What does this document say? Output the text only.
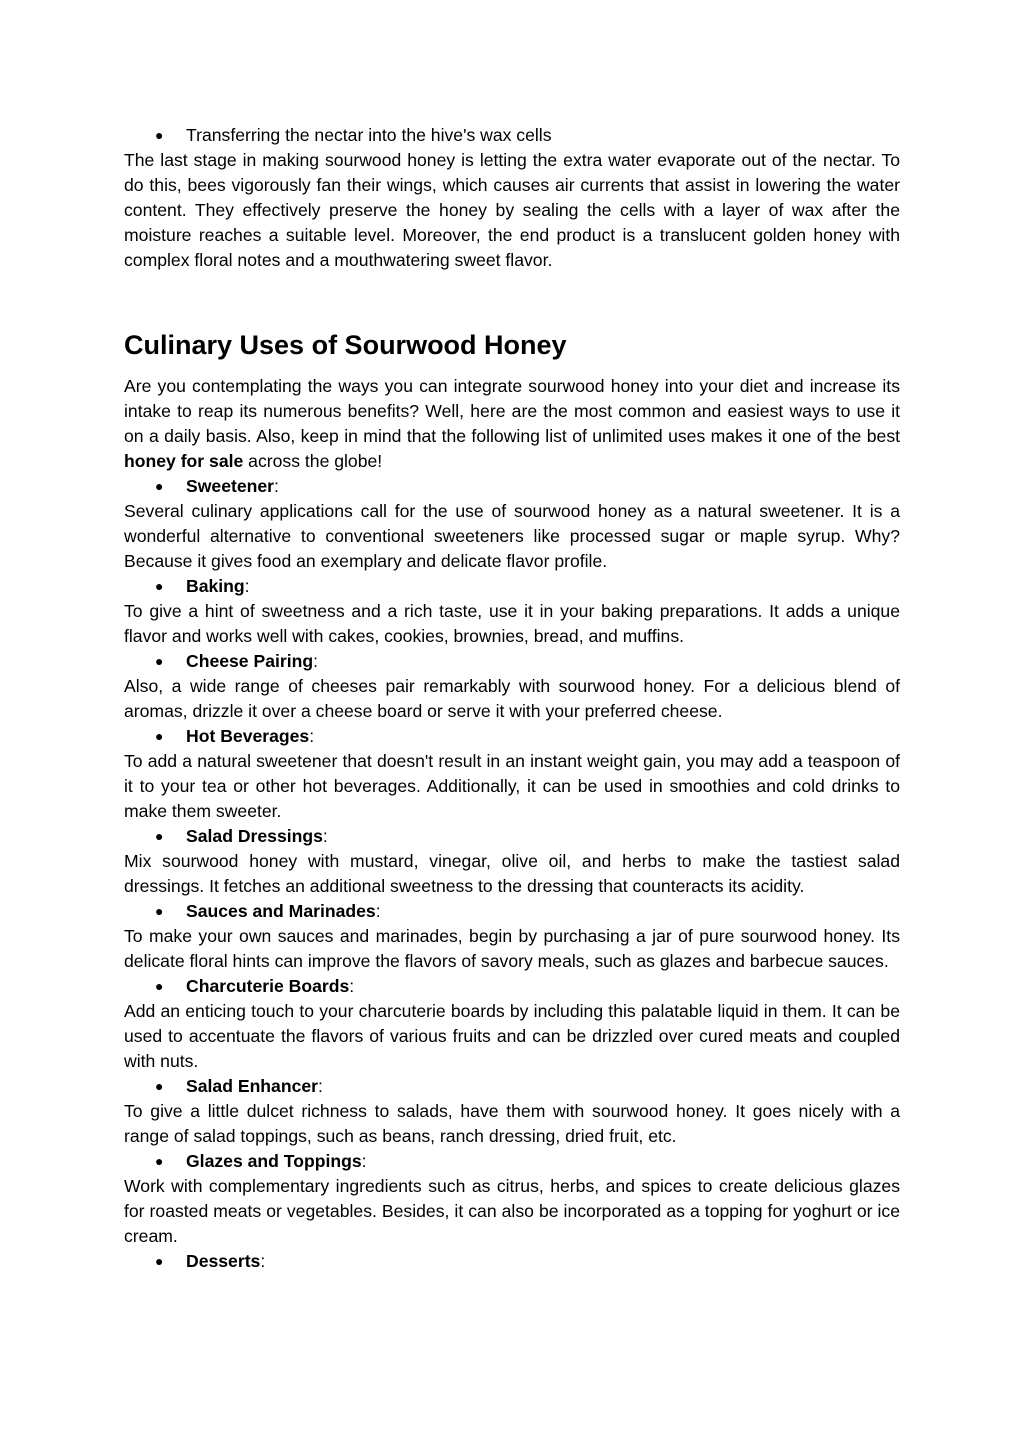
● Transferring the nectar into the hive's wax cells

The last stage in making sourwood honey is letting the extra water evaporate out of the nectar. To do this, bees vigorously fan their wings, which causes air currents that assist in lowering the water content. They effectively preserve the honey by sealing the cells with a layer of wax after the moisture reaches a suitable level. Moreover, the end product is a translucent golden honey with complex floral notes and a mouthwatering sweet flavor.

Culinary Uses of Sourwood Honey

Are you contemplating the ways you can integrate sourwood honey into your diet and increase its intake to reap its numerous benefits? Well, here are the most common and easiest ways to use it on a daily basis. Also, keep in mind that the following list of unlimited uses makes it one of the best honey for sale across the globe!

● Sweetener:

Several culinary applications call for the use of sourwood honey as a natural sweetener. It is a wonderful alternative to conventional sweeteners like processed sugar or maple syrup. Why? Because it gives food an exemplary and delicate flavor profile.

● Baking:

To give a hint of sweetness and a rich taste, use it in your baking preparations. It adds a unique flavor and works well with cakes, cookies, brownies, bread, and muffins.

● Cheese Pairing:

Also, a wide range of cheeses pair remarkably with sourwood honey. For a delicious blend of aromas, drizzle it over a cheese board or serve it with your preferred cheese.

● Hot Beverages:

To add a natural sweetener that doesn't result in an instant weight gain, you may add a teaspoon of it to your tea or other hot beverages. Additionally, it can be used in smoothies and cold drinks to make them sweeter.

● Salad Dressings:

Mix sourwood honey with mustard, vinegar, olive oil, and herbs to make the tastiest salad dressings. It fetches an additional sweetness to the dressing that counteracts its acidity.

● Sauces and Marinades:

To make your own sauces and marinades, begin by purchasing a jar of pure sourwood honey. Its delicate floral hints can improve the flavors of savory meals, such as glazes and barbecue sauces.

● Charcuterie Boards:

Add an enticing touch to your charcuterie boards by including this palatable liquid in them. It can be used to accentuate the flavors of various fruits and can be drizzled over cured meats and coupled with nuts.

● Salad Enhancer:

To give a little dulcet richness to salads, have them with sourwood honey. It goes nicely with a range of salad toppings, such as beans, ranch dressing, dried fruit, etc.

● Glazes and Toppings:

Work with complementary ingredients such as citrus, herbs, and spices to create delicious glazes for roasted meats or vegetables. Besides, it can also be incorporated as a topping for yoghurt or ice cream.

● Desserts:
